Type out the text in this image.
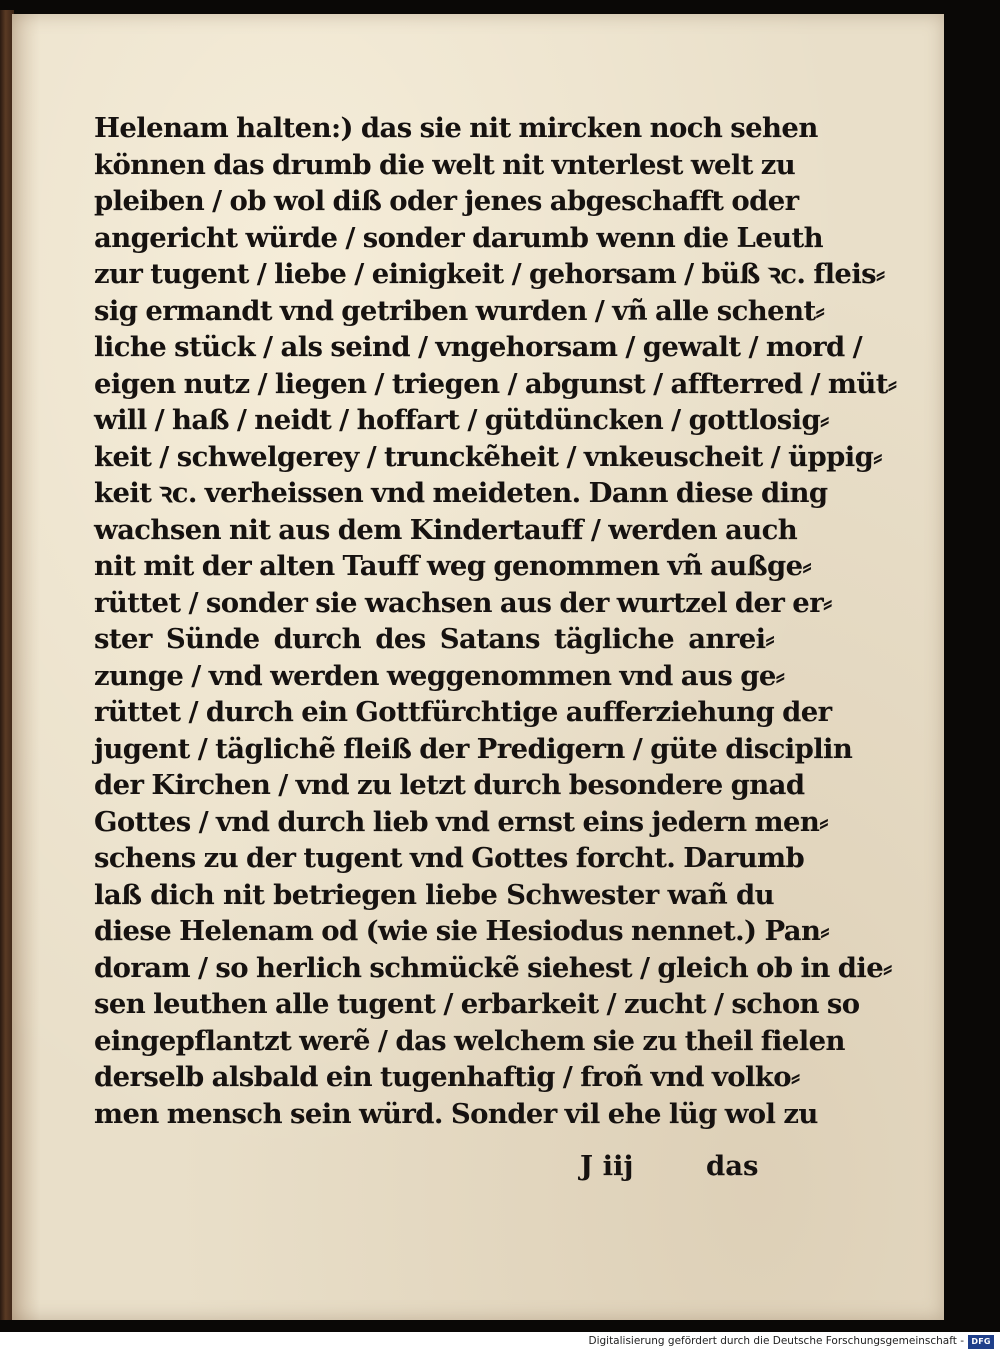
Helenam halten:) das sie nit mircken noch sehen
können das drumb die welt nit vnterlest welt zu
pleiben / ob wol diß oder jenes abgeschafft oder
angericht würde / sonder darumb wenn die Leuth
zur tugent / liebe / einigkeit / gehorsam / büß ꝛc. fleis⸗
sig ermandt vnd getriben wurden / vñ alle schent⸗
liche stück / als seind / vngehorsam / gewalt / mord /
eigen nutz / liegen / triegen / abgunst / affterred / müt⸗
will / haß / neidt / hoffart / gütdüncken / gottlosig⸗
keit / schwelgerey / trunckẽheit / vnkeuscheit / üppig⸗
keit ꝛc. verheissen vnd meideten. Dann diese ding
wachsen nit aus dem Kindertauff / werden auch
nit mit der alten Tauff weg genommen vñ außge⸗
rüttet / sonder sie wachsen aus der wurtzel der er⸗
ster Sünde durch des Satans tägliche anrei⸗
zunge / vnd werden weggenommen vnd aus ge⸗
rüttet / durch ein Gottfürchtige aufferziehung der
jugent / täglichẽ fleiß der Predigern / güte disciplin
der Kirchen / vnd zu letzt durch besondere gnad
Gottes / vnd durch lieb vnd ernst eins jedern men⸗
schens zu der tugent vnd Gottes forcht. Darumb
laß dich nit betriegen liebe Schwester wañ du
diese Helenam od (wie sie Hesiodus nennet.) Pan⸗
doram / so herlich schmückẽ siehest / gleich ob in die⸗
sen leuthen alle tugent / erbarkeit / zucht / schon so
eingepflantzt werẽ / das welchem sie zu theil fielen
derselb alsbald ein tugenhaftig / froñ vnd volko⸗
men mensch sein würd. Sonder vil ehe lüg wol zu
J iij	das
Digitalisierung gefördert durch die Deutsche Forschungsgemeinschaft - DFG
